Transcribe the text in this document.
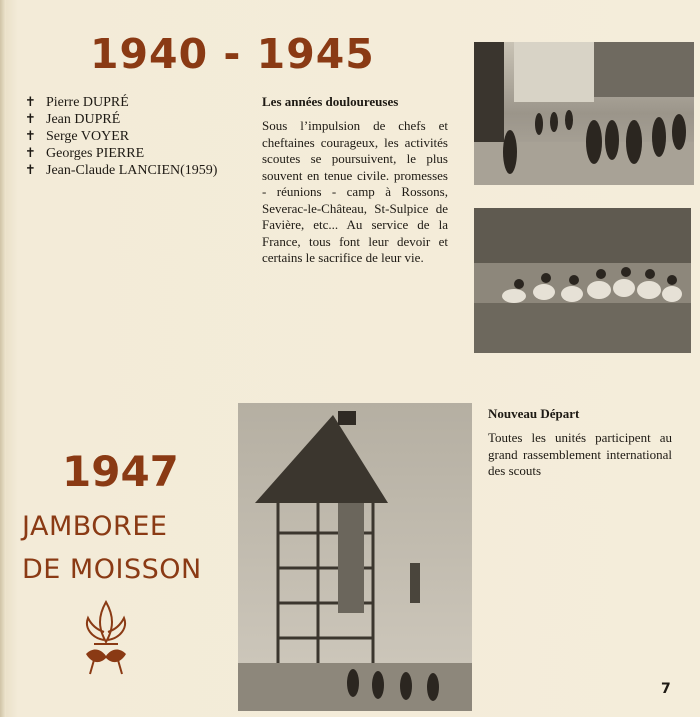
1940 - 1945
✝ Pierre DUPRÉ
✝ Jean DUPRÉ
✝ Serge VOYER
✝ Georges PIERRE
✝ Jean-Claude LANCIEN(1959)
Les années douloureuses

Sous l’impulsion de chefs et cheftaines courageux, les activités scoutes se poursuivent, le plus souvent en tenue civile. promesses - réunions - camp à Rossons, Severac-le-Château, St-Sulpice de Favière, etc... Au service de la France, tous font leur devoir et certains le sacrifice de leur vie.

1947
JAMBOREE
DE MOISSON
Nouveau Départ

Toutes les unités participent au grand rassemblement international des scouts

7
